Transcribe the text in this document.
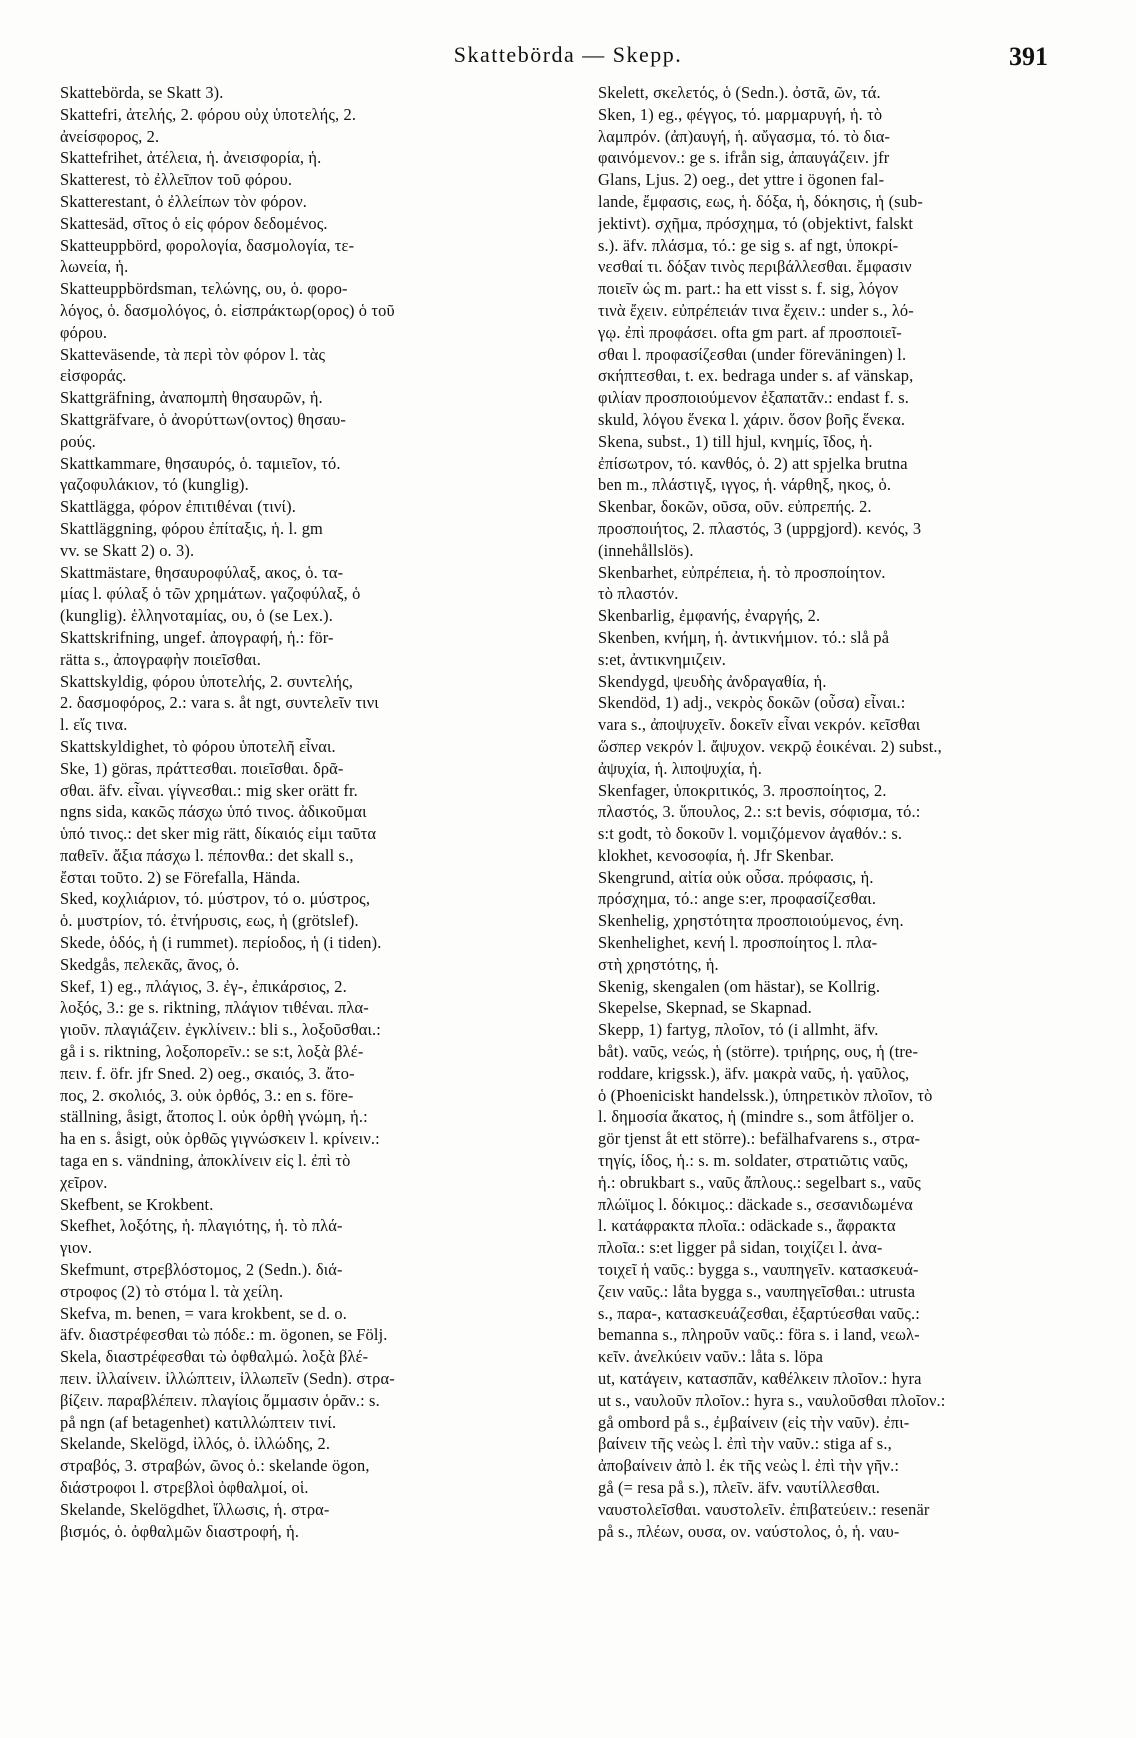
Skattebörda — Skepp.	391
Skattebörda, se Skatt 3).
Skattefri, ἀτελής, 2. φόρου οὐχ ὑποτελής, 2.
ἀνείσφορος, 2.
Skattefrihet, ἀτέλεια, ἡ. ἀνεισφορία, ἡ.
Skatterest, τὸ ἐλλεῖπον τοῦ φόρου.
Skatterestant, ὁ ἐλλείπων τὸν φόρον.
Skattesäd, σῖτος ὁ εἰς φόρον δεδομένος.
Skatteuppbörd, φορολογία, δασμολογία, τε-
λωνεία, ἡ.
Skatteuppbördsman, τελώνης, ου, ὁ. φορο-
λόγος, ὁ. δασμολόγος, ὁ. εἰσπράκτωρ(ορος) ὁ τοῦ
φόρου.
Skatteväsende, τὰ περὶ τὸν φόρον l. τὰς
εἰσφοράς.
Skattgräfning, ἀναπομπὴ θησαυρῶν, ἡ.
Skattgräfvare, ὁ ἀνορύττων(οντος) θησαυ-
ρούς.
Skattkammare, θησαυρός, ὁ. ταμιεῖον, τό.
γαζοφυλάκιον, τό (kunglig).
Skattlägga, φόρον ἐπιτιθέναι (τινί).
Skattläggning, φόρου ἐπίταξις, ἡ. l. gm
vv. se Skatt 2) o. 3).
Skattmästare, θησαυροφύλαξ, ακος, ὁ. τα-
μίας l. φύλαξ ὁ τῶν χρημάτων. γαζοφύλαξ, ὁ
(kunglig). ἑλληνοταμίας, ου, ὁ (se Lex.).
Skattskrifning, ungef. ἀπογραφή, ἡ.: för-
rätta s., ἀπογραφὴν ποιεῖσθαι.
Skattskyldig, φόρου ὑποτελής, 2. συντελής,
2. δασμοφόρος, 2.: vara s. åt ngt, συντελεῖν τινι
l. εἴς τινα.
Skattskyldighet, τὸ φόρου ὑποτελῆ εἶναι.
Ske, 1) göras, πράττεσθαι. ποιεῖσθαι. δρᾶ-
σθαι. äfv. εἶναι. γίγνεσθαι.: mig sker orätt fr.
ngns sida, κακῶς πάσχω ὑπό τινος. ἀδικοῦμαι
ὑπό τινος.: det sker mig rätt, δίκαιός εἰμι ταῦτα
παθεῖν. ἄξια πάσχω l. πέπονθα.: det skall s.,
ἔσται τοῦτο. 2) se Förefalla, Hända.
Sked, κοχλιάριον, τό. μύστρον, τό o. μύστρος,
ὁ. μυστρίον, τό. ἐτνήρυσις, εως, ἡ (grötslef).
Skede, ὁδός, ἡ (i rummet). περίοδος, ἡ (i tiden).
Skedgås, πελεκᾶς, ᾶνος, ὁ.
Skef, 1) eg., πλάγιος, 3. ἐγ-, ἐπικάρσιος, 2.
λοξός, 3.: ge s. riktning, πλάγιον τιθέναι. πλα-
γιοῦν. πλαγιάζειν. ἐγκλίνειν.: bli s., λοξοῦσθαι.:
gå i s. riktning, λοξοπορεῖν.: se s:t, λοξὰ βλέ-
πειν. f. öfr. jfr Sned. 2) oeg., σκαιός, 3. ἄτο-
πος, 2. σκολιός, 3. οὐκ ὀρθός, 3.: en s. före-
ställning, åsigt, ἄτοπος l. οὐκ ὀρθὴ γνώμη, ἡ.:
ha en s. åsigt, οὐκ ὀρθῶς γιγνώσκειν l. κρίνειν.:
taga en s. vändning, ἀποκλίνειν εἰς l. ἐπὶ τὸ
χεῖρον.
Skefbent, se Krokbent.
Skefhet, λοξότης, ἡ. πλαγιότης, ἡ. τὸ πλά-
γιον.
Skefmunt, στρεβλόστομος, 2 (Sedn.). διά-
στροφος (2) τὸ στόμα l. τὰ χείλη.
Skefva, m. benen, = vara krokbent, se d. o.
äfv. διαστρέφεσθαι τὼ πόδε.: m. ögonen, se Följ.
Skela, διαστρέφεσθαι τὼ ὀφθαλμώ. λοξὰ βλέ-
πειν. ἰλλαίνειν. ἰλλώπτειν, ἰλλωπεῖν (Sedn). στρα-
βίζειν. παραβλέπειν. πλαγίοις ὄμμασιν ὁρᾶν.: s.
på ngn (af betagenhet) κατιλλώπτειν τινί.
Skelande, Skelögd, ἰλλός, ὁ. ἰλλώδης, 2.
στραβός, 3. στραβών, ῶνος ὁ.: skelande ögon,
διάστροφοι l. στρεβλοὶ ὀφθαλμοί, οἱ.
Skelande, Skelögdhet, ἴλλωσις, ἡ. στρα-
βισμός, ὁ. ὀφθαλμῶν διαστροφή, ἡ.
Skelett, σκελετός, ὁ (Sedn.). ὀστᾶ, ῶν, τά.
Sken, 1) eg., φέγγος, τό. μαρμαρυγή, ἡ. τὸ
λαμπρόν. (ἀπ)αυγή, ἡ. αὔγασμα, τό. τὸ δια-
φαινόμενον.: ge s. ifrån sig, ἀπαυγάζειν. jfr
Glans, Ljus. 2) oeg., det yttre i ögonen fal-
lande, ἔμφασις, εως, ἡ. δόξα, ἡ, δόκησις, ἡ (sub-
jektivt). σχῆμα, πρόσχημα, τό (objektivt, falskt
s.). äfv. πλάσμα, τό.: ge sig s. af ngt, ὑποκρί-
νεσθαί τι. δόξαν τινὸς περιβάλλεσθαι. ἔμφασιν
ποιεῖν ὡς m. part.: ha ett visst s. f. sig, λόγον
τινὰ ἔχειν. εὐπρέπειάν τινα ἔχειν.: under s., λό-
γῳ. ἐπὶ προφάσει. ofta gm part. af προσποιεῖ-
σθαι l. προφασίζεσθαι (under föreväningen) l.
σκήπτεσθαι, t. ex. bedraga under s. af vänskap,
φιλίαν προσποιούμενον ἐξαπατᾶν.: endast f. s.
skuld, λόγου ἕνεκα l. χάριν. ὅσον βοῆς ἕνεκα.
Skena, subst., 1) till hjul, κνημίς, ῖδος, ἡ.
ἐπίσωτρον, τό. κανθός, ὁ. 2) att spjelka brutna
ben m., πλάστιγξ, ιγγος, ἡ. νάρθηξ, ηκος, ὁ.
Skenbar, δοκῶν, οῦσα, οῦν. εὐπρεπής. 2.
προσποιήτος, 2. πλαστός, 3 (uppgjord). κενός, 3
(innehållslös).
Skenbarhet, εὐπρέπεια, ἡ. τὸ προσποίητον.
τὸ πλαστόν.
Skenbarlig, ἐμφανής, ἐναργής, 2.
Skenben, κνήμη, ἡ. ἀντικνήμιον. τό.: slå på
s:et, ἀντικνημιζειν.
Skendygd, ψευδὴς ἀνδραγαθία, ἡ.
Skendöd, 1) adj., νεκρὸς δοκῶν (οὖσα) εἶναι.:
vara s., ἀποψυχεῖν. δοκεῖν εἶναι νεκρόν. κεῖσθαι
ὥσπερ νεκρόν l. ἄψυχον. νεκρῷ ἐοικέναι. 2) subst.,
ἀψυχία, ἡ. λιποψυχία, ἡ.
Skenfager, ὑποκριτικός, 3. προσποίητος, 2.
πλαστός, 3. ὕπουλος, 2.: s:t bevis, σόφισμα, τό.:
s:t godt, τὸ δοκοῦν l. νομιζόμενον ἀγαθόν.: s.
klokhet, κενοσοφία, ἡ. Jfr Skenbar.
Skengrund, αἰτία οὐκ οὖσα. πρόφασις, ἡ.
πρόσχημα, τό.: ange s:er, προφασίζεσθαι.
Skenhelig, χρηστότητα προσποιούμενος, ένη.
Skenhelighet, κενή l. προσποίητος l. πλα-
στὴ χρηστότης, ἡ.
Skenig, skengalen (om hästar), se Kollrig.
Skepelse, Skepnad, se Skapnad.
Skepp, 1) fartyg, πλοῖον, τό (i allmht, äfv.
båt). ναῦς, νεώς, ἡ (större). τριήρης, ους, ἡ (tre-
roddare, krigssk.), äfv. μακρὰ ναῦς, ἡ. γαῦλος,
ὁ (Phoeniciskt handelssk.), ὑπηρετικὸν πλοῖον, τὸ
l. δημοσία ἄκατος, ἡ (mindre s., som åtföljer o.
gör tjenst åt ett större).: befälhafvarens s., στρα-
τηγίς, ίδος, ἡ.: s. m. soldater, στρατιῶτις ναῦς,
ἡ.: obrukbart s., ναῦς ἄπλους.: segelbart s., ναῦς
πλώϊμος l. δόκιμος.: däckade s., σεσανιδωμένα
l. κατάφρακτα πλοῖα.: odäckade s., ἄφρακτα
πλοῖα.: s:et ligger på sidan, τοιχίζει l. ἀνα-
τοιχεῖ ἡ ναῦς.: bygga s., ναυπηγεῖν. κατασκευά-
ζειν ναῦς.: låta bygga s., ναυπηγεῖσθαι.: utrusta
s., παρα-, κατασκευάζεσθαι, ἐξαρτύεσθαι ναῦς.:
bemanna s., πληροῦν ναῦς.: föra s. i land, νεωλ-
κεῖν. ἀνελκύειν ναῦν.: låta s. löpa
ut, κατάγειν, κατασπᾶν, καθέλκειν πλοῖον.: hyra
ut s., ναυλοῦν πλοῖον.: hyra s., ναυλοῦσθαι πλοῖον.:
gå ombord på s., ἐμβαίνειν (εἰς τὴν ναῦν). ἐπι-
βαίνειν τῆς νεὼς l. ἐπὶ τὴν ναῦν.: stiga af s.,
ἀποβαίνειν ἀπὸ l. ἐκ τῆς νεὼς l. ἐπὶ τὴν γῆν.:
gå (= resa på s.), πλεῖν. äfv. ναυτίλλεσθαι.
ναυστολεῖσθαι. ναυστολεῖν. ἐπιβατεύειν.: resenär
på s., πλέων, ουσα, ον. ναύστολος, ὁ, ἡ. ναυ-
